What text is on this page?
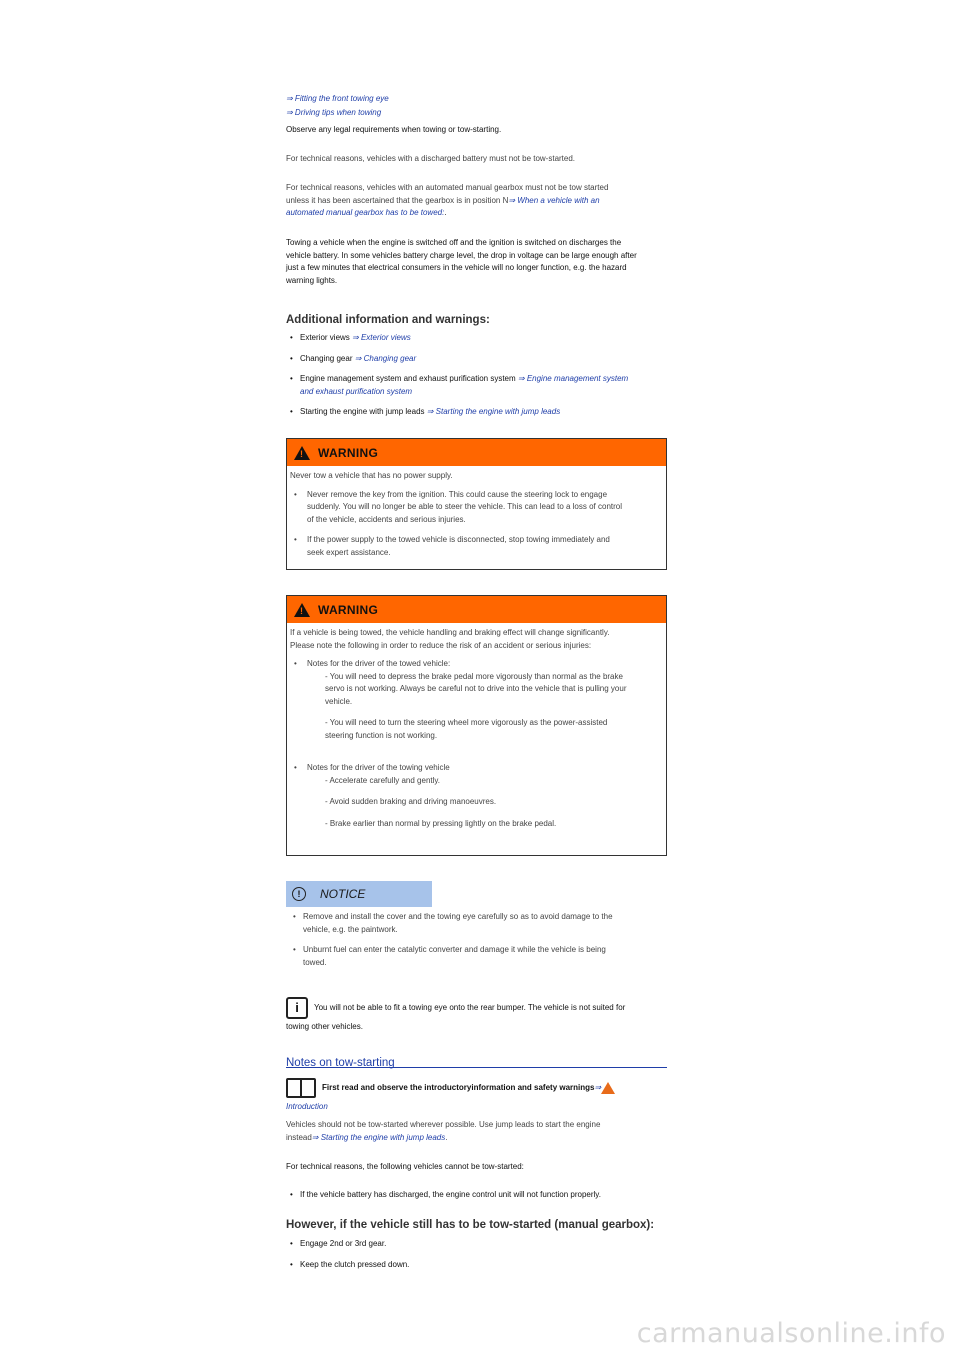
⇒ Fitting the front towing eye
⇒ Driving tips when towing

Observe any legal requirements when towing or tow-starting.

For technical reasons, vehicles with a discharged battery must not be tow-started.

For technical reasons, vehicles with an automated manual gearbox must not be tow started
unless it has been ascertained that the gearbox is in position N⇒ When a vehicle with an
automated manual gearbox has to be towed:.
Towing a vehicle when the engine is switched off and the ignition is switched on discharges the
vehicle battery. In some vehicles battery charge level, the drop in voltage can be large enough after
just a few minutes that electrical consumers in the vehicle will no longer function, e.g. the hazard
warning lights.
Additional information and warnings:
• Exterior views ⇒ Exterior views
• Changing gear ⇒ Changing gear
• Engine management system and exhaust purification system ⇒ Engine management system
and exhaust purification system
• Starting the engine with jump leads ⇒ Starting the engine with jump leads
!
WARNING
Never tow a vehicle that has no power supply.
• Never remove the key from the ignition. This could cause the steering lock to engage
suddenly. You will no longer be able to steer the vehicle. This can lead to a loss of control
of the vehicle, accidents and serious injuries.
• If the power supply to the towed vehicle is disconnected, stop towing immediately and
seek expert assistance.
!
WARNING
If a vehicle is being towed, the vehicle handling and braking effect will change significantly.
Please note the following in order to reduce the risk of an accident or serious injuries:
• Notes for the driver of the towed vehicle:
- You will need to depress the brake pedal more vigorously than normal as the brake
servo is not working. Always be careful not to drive into the vehicle that is pulling your
vehicle.
- You will need to turn the steering wheel more vigorously as the power-assisted
steering function is not working.
• Notes for the driver of the towing vehicle
- Accelerate carefully and gently.
- Avoid sudden braking and driving manoeuvres.
- Brake earlier than normal by pressing lightly on the brake pedal.
!	NOTICE
• Remove and install the cover and the towing eye carefully so as to avoid damage to the
vehicle, e.g. the paintwork.
• Unburnt fuel can enter the catalytic converter and damage it while the vehicle is being
towed.
i	You will not be able to fit a towing eye onto the rear bumper. The vehicle is not suited for
towing other vehicles.
Notes on tow-starting
First read and observe the introductoryinformation and safety warnings ⇒
Introduction
Vehicles should not be tow-started wherever possible. Use jump leads to start the engine
instead⇒ Starting the engine with jump leads.

For technical reasons, the following vehicles cannot be tow-started:

• If the vehicle battery has discharged, the engine control unit will not function properly.
However, if the vehicle still has to be tow-started (manual gearbox):
• Engage 2nd or 3rd gear.
• Keep the clutch pressed down.
carmanualsonline.info
